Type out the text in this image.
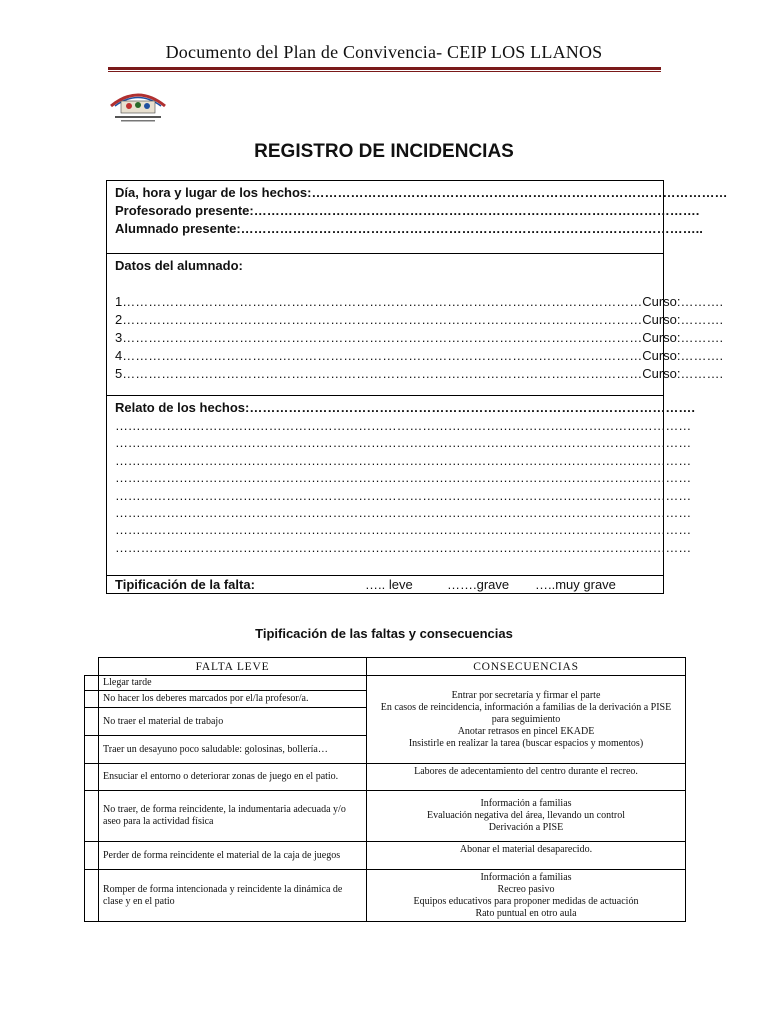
Documento del Plan de Convivencia- CEIP LOS LLANOS
REGISTRO DE INCIDENCIAS
Día, hora y lugar de los hechos:……………………………………………………………………………………
Profesorado presente:………………………………………………………………………………………….
Alumnado presente:……………………………………………………………………………………………..
Datos del alumnado:
1…………………………………………………………………………………………………………Curso:……….
2…………………………………………………………………………………………………………Curso:……….
3…………………………………………………………………………………………………………Curso:……….
4…………………………………………………………………………………………………………Curso:……….
5…………………………………………………………………………………………………………Curso:……….
Relato de los hechos:………………………………………………………………………………………….
………………………………………………………………………………………………………………………
………………………………………………………………………………………………………………………
………………………………………………………………………………………………………………………
………………………………………………………………………………………………………………………
………………………………………………………………………………………………………………………
………………………………………………………………………………………………………………………
………………………………………………………………………………………………………………………
………………………………………………………………………………………………………………………
Tipificación de la falta:	….. leve	…….grave	…..muy grave
Tipificación de las faltas y consecuencias
	FALTA LEVE	CONSECUENCIAS
	Llegar tarde	Entrar por secretaría y firmar el parte
En casos de reincidencia, información a familias de la derivación a PISE para seguimiento
Anotar retrasos en pincel EKADE
Insistirle en realizar la tarea (buscar espacios y momentos)

	No hacer los deberes marcados por el/la profesor/a.	
	No traer el material de trabajo	
	Traer un desayuno poco saludable: golosinas, bollería…	
	Ensuciar el entorno o deteriorar zonas de juego en el patio.	Labores de adecentamiento del centro durante el recreo.
	No traer, de forma reincidente, la indumentaria adecuada y/o aseo para la actividad física	Información a familias
Evaluación negativa del área, llevando un control
Derivación a PISE

	Perder de forma reincidente el material de la caja de juegos	Abonar el material desaparecido.
	Romper de forma intencionada y reincidente la dinámica de clase y en el patio	Información a familias
Recreo pasivo
Equipos educativos para proponer medidas de actuación
Rato puntual en otro aula
